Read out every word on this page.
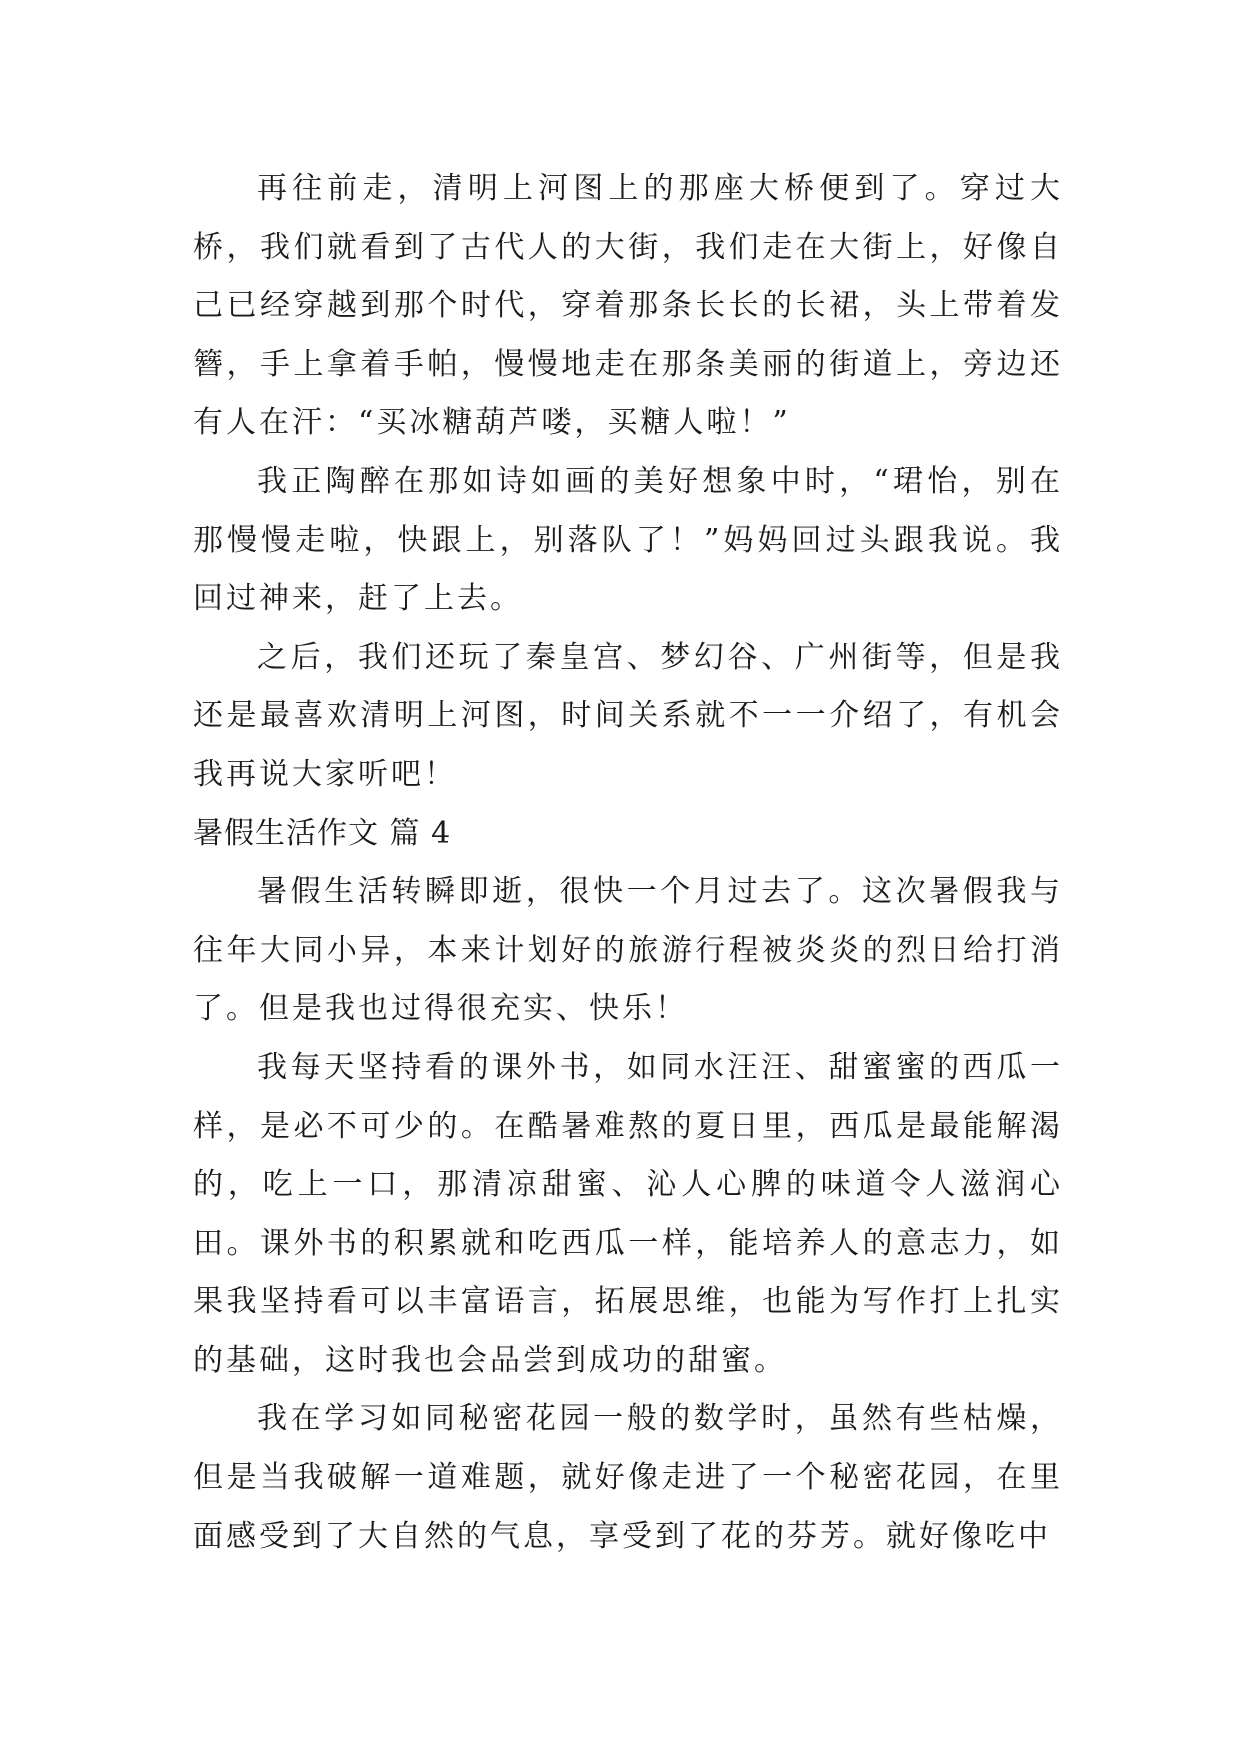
再往前走，清明上河图上的那座大桥便到了。穿过大桥，我们就看到了古代人的大街，我们走在大街上，好像自己已经穿越到那个时代，穿着那条长长的长裙，头上带着发簪，手上拿着手帕，慢慢地走在那条美丽的街道上，旁边还有人在汗：“买冰糖葫芦喽，买糖人啦！”

我正陶醉在那如诗如画的美好想象中时，“珺怡，别在那慢慢走啦，快跟上，别落队了！”妈妈回过头跟我说。我回过神来，赶了上去。

之后，我们还玩了秦皇宫、梦幻谷、广州街等，但是我还是最喜欢清明上河图，时间关系就不一一介绍了，有机会我再说大家听吧！

暑假生活作文 篇 4

暑假生活转瞬即逝，很快一个月过去了。这次暑假我与往年大同小异，本来计划好的旅游行程被炎炎的烈日给打消了。但是我也过得很充实、快乐！

我每天坚持看的课外书，如同水汪汪、甜蜜蜜的西瓜一样，是必不可少的。在酷暑难熬的夏日里，西瓜是最能解渴的，吃上一口，那清凉甜蜜、沁人心脾的味道令人滋润心田。课外书的积累就和吃西瓜一样，能培养人的意志力，如果我坚持看可以丰富语言，拓展思维，也能为写作打上扎实的基础，这时我也会品尝到成功的甜蜜。

我在学习如同秘密花园一般的数学时，虽然有些枯燥，但是当我破解一道难题，就好像走进了一个秘密花园，在里面感受到了大自然的气息，享受到了花的芬芳。就好像吃中
